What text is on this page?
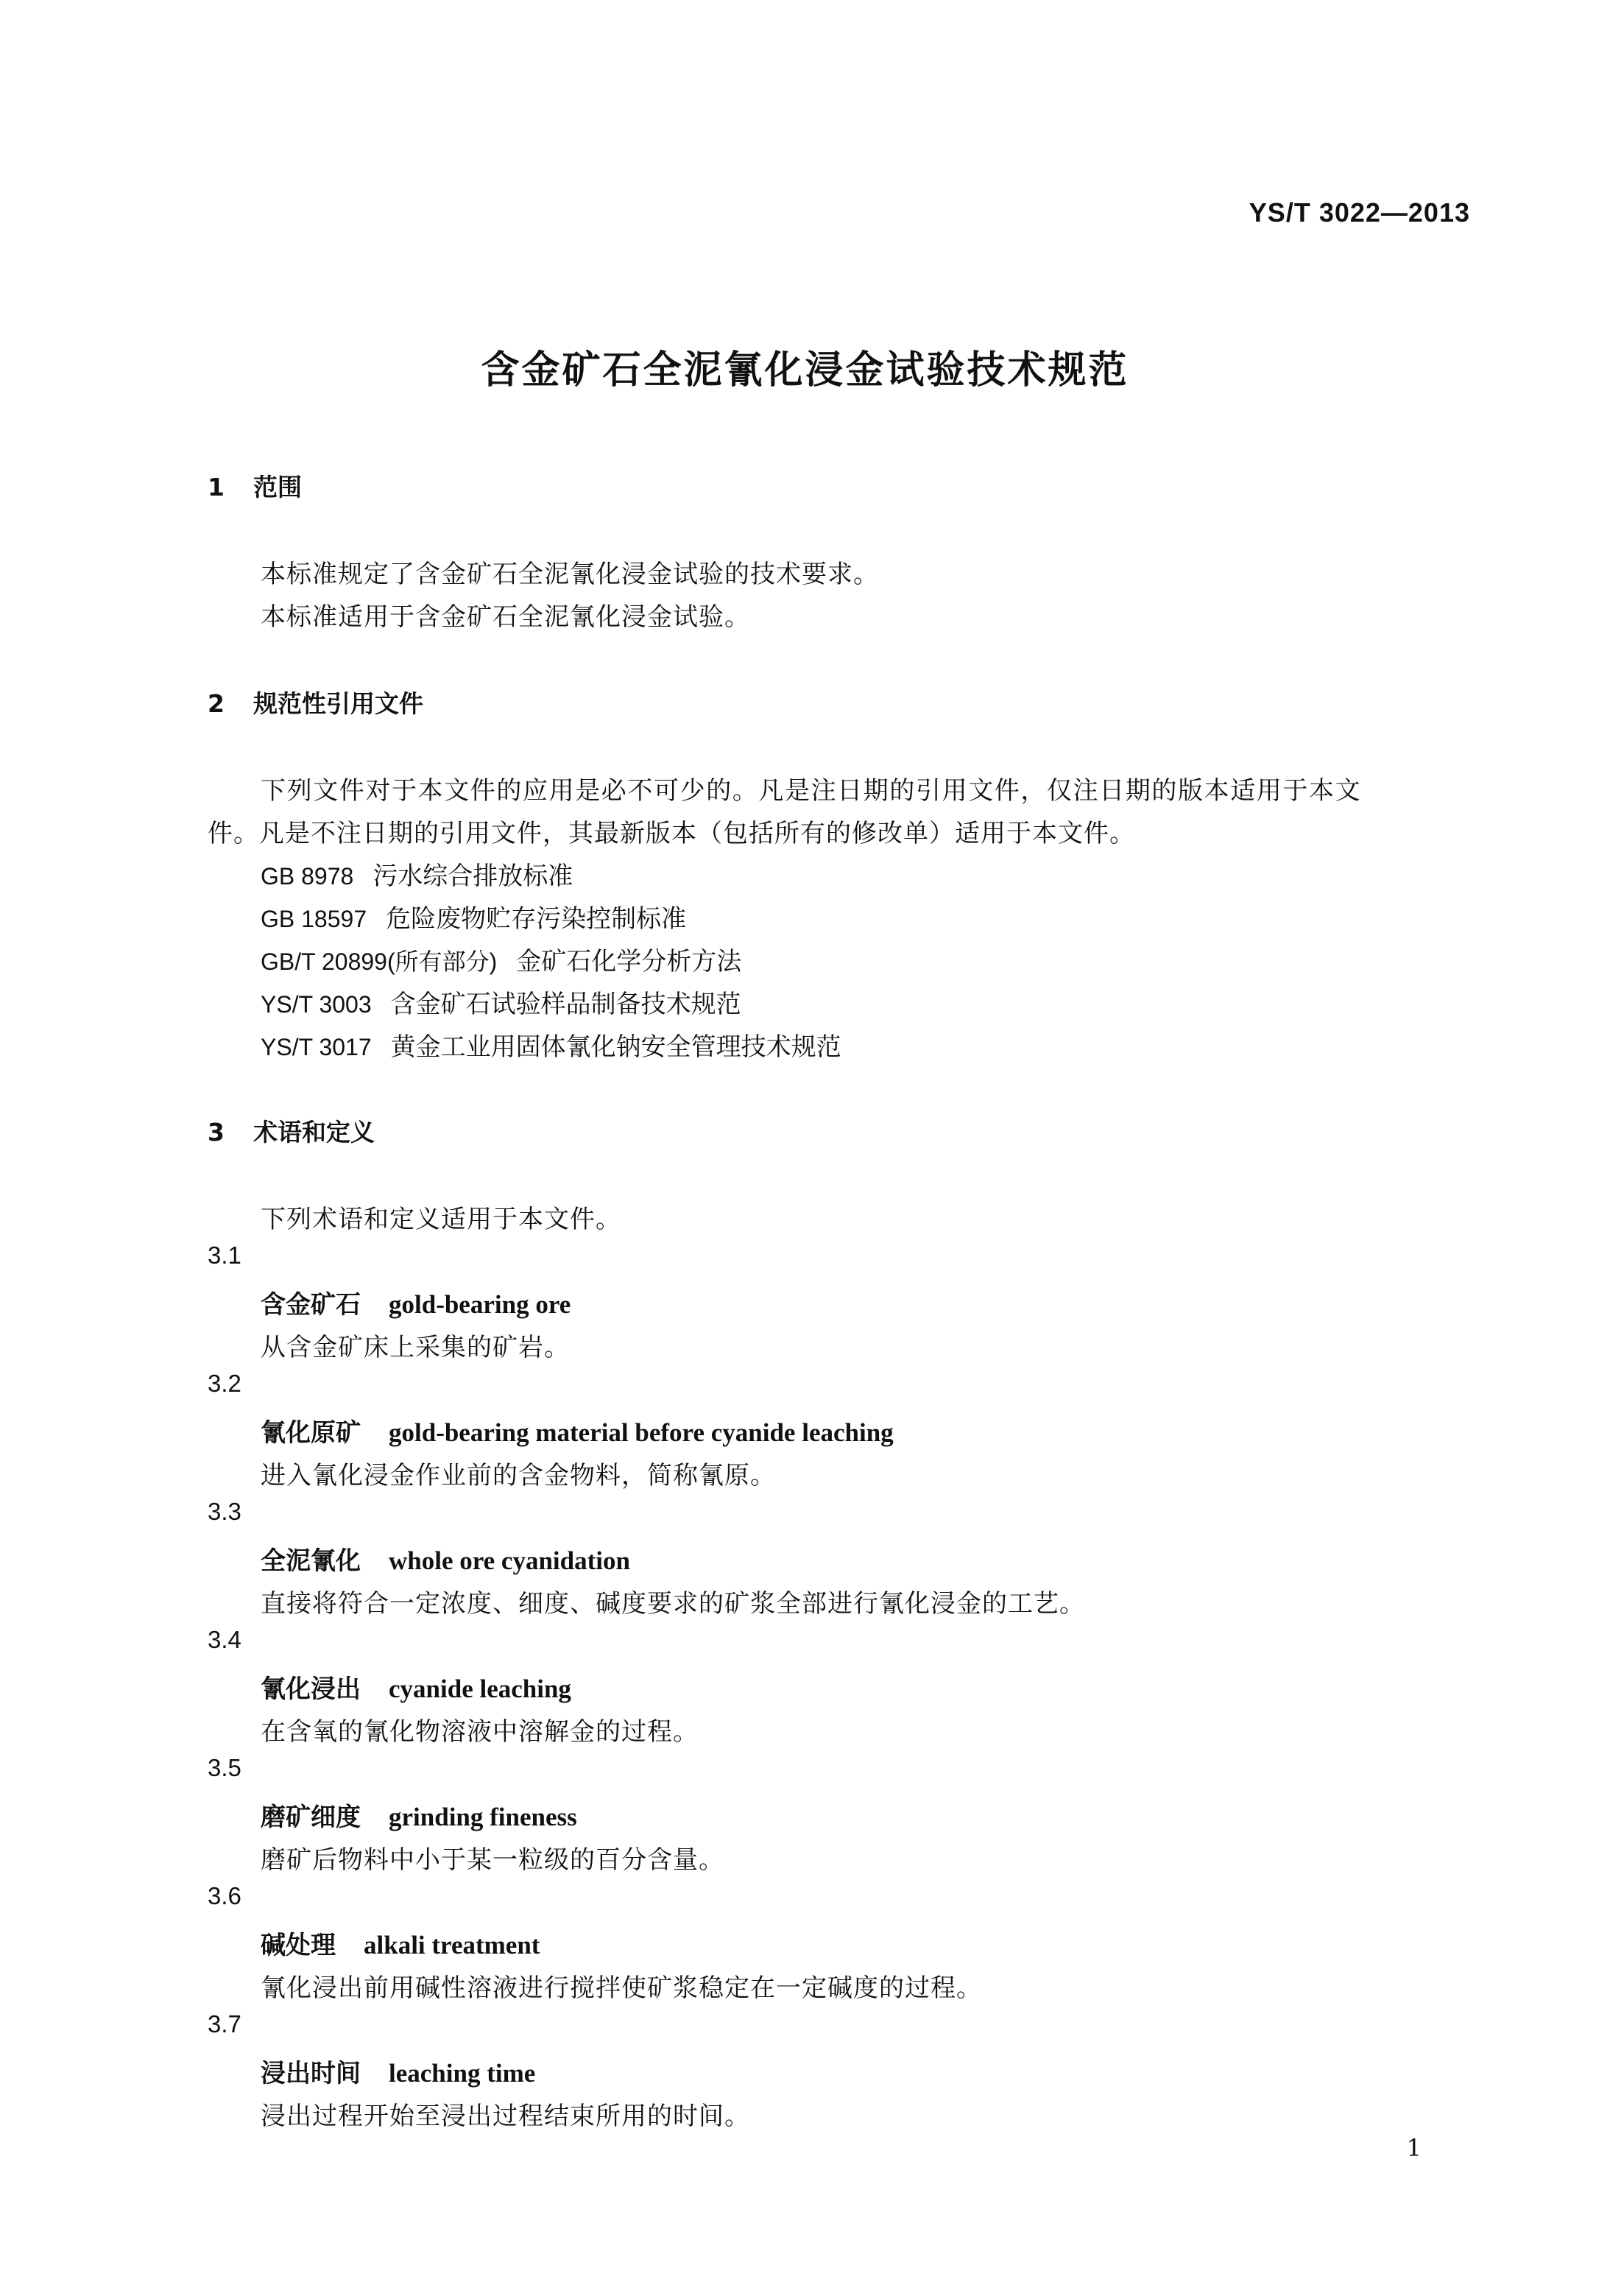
YS/T 3022—2013
含金矿石全泥氰化浸金试验技术规范
1 范围
本标准规定了含金矿石全泥氰化浸金试验的技术要求。
本标准适用于含金矿石全泥氰化浸金试验。
2 规范性引用文件
下列文件对于本文件的应用是必不可少的。凡是注日期的引用文件，仅注日期的版本适用于本文
件。凡是不注日期的引用文件，其最新版本（包括所有的修改单）适用于本文件。
GB 8978 污水综合排放标准
GB 18597 危险废物贮存污染控制标准
GB/T 20899(所有部分) 金矿石化学分析方法
YS/T 3003 含金矿石试验样品制备技术规范
YS/T 3017 黄金工业用固体氰化钠安全管理技术规范
3 术语和定义
下列术语和定义适用于本文件。
3.1
含金矿石 gold-bearing ore
从含金矿床上采集的矿岩。
3.2
氰化原矿 gold-bearing material before cyanide leaching
进入氰化浸金作业前的含金物料，简称氰原。
3.3
全泥氰化 whole ore cyanidation
直接将符合一定浓度、细度、碱度要求的矿浆全部进行氰化浸金的工艺。
3.4
氰化浸出 cyanide leaching
在含氧的氰化物溶液中溶解金的过程。
3.5
磨矿细度 grinding fineness
磨矿后物料中小于某一粒级的百分含量。
3.6
碱处理 alkali treatment
氰化浸出前用碱性溶液进行搅拌使矿浆稳定在一定碱度的过程。
3.7
浸出时间 leaching time
浸出过程开始至浸出过程结束所用的时间。
1
